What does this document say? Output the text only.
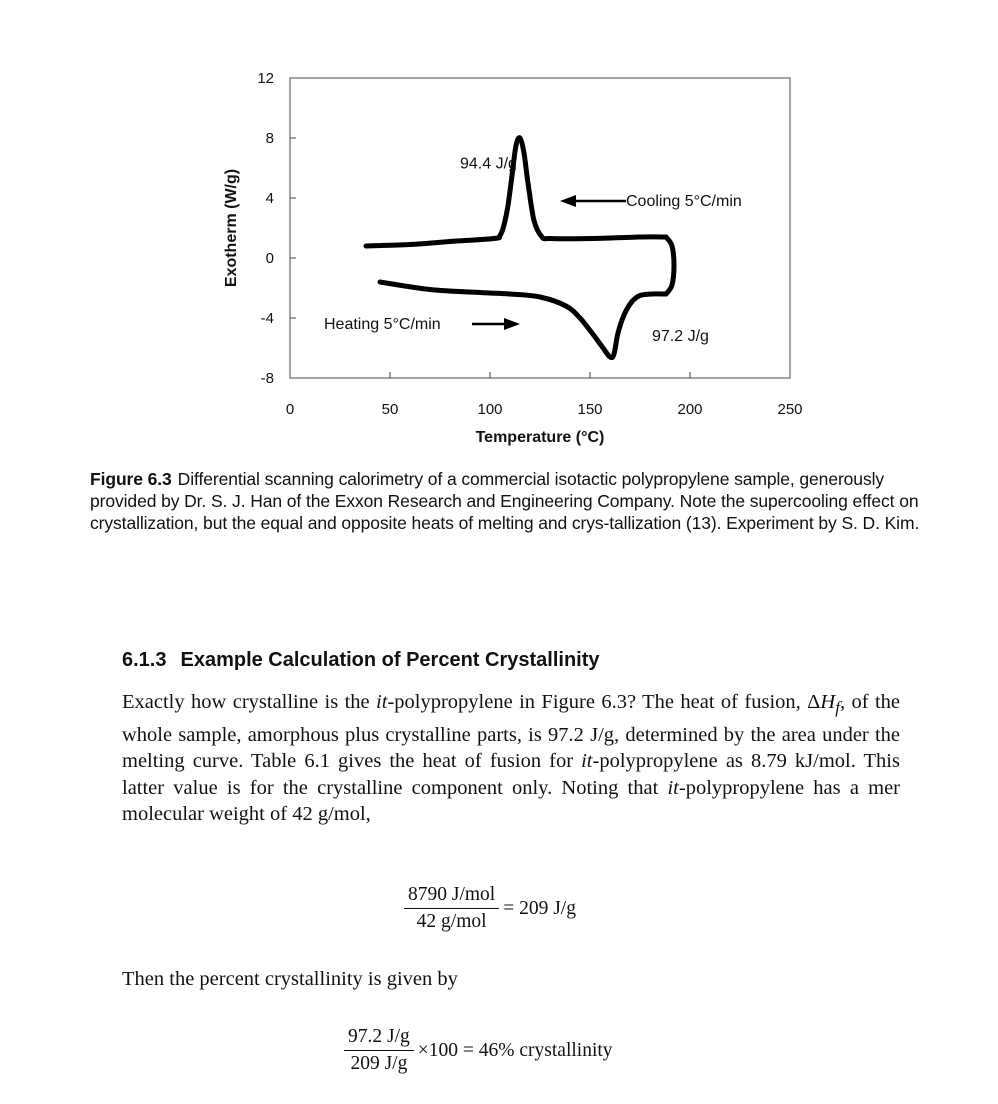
12
8
4
0
-4
-8
0	50	100	150	200	250
Exotherm (W/g)
Temperature (°C)
94.4 J/g
Cooling 5°C/min
97.2 J/g
Heating 5°C/min
Figure 6.3 Differential scanning calorimetry of a commercial isotactic polypropylene sample, generously provided by Dr. S. J. Han of the Exxon Research and Engineering Company. Note the supercooling effect on crystallization, but the equal and opposite heats of melting and crys-tallization (13). Experiment by S. D. Kim.
6.1.3 Example Calculation of Percent Crystallinity
Exactly how crystalline is the it-polypropylene in Figure 6.3? The heat of fusion, $\Delta H_f$, of the whole sample, amorphous plus crystalline parts, is 97.2 J/g, determined by the area under the melting curve. Table 6.1 gives the heat of fusion for it-polypropylene as 8.79 kJ/mol. This latter value is for the crystalline component only. Noting that it-polypropylene has a mer molecular weight of 42 g/mol,
8790 J/mol
42 g/mol
= 209 J/g
Then the percent crystallinity is given by
$\frac{97.2 J/g}{209 J/g} \times 100 = 46\%$ crystallinity
